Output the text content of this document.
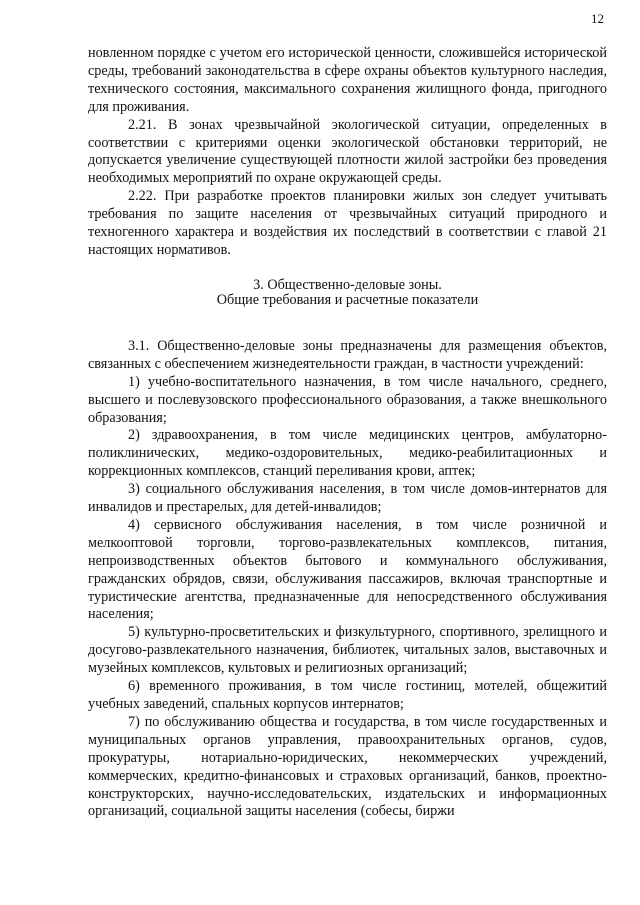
12

новленном порядке с учетом его исторической ценности, сложившейся исторической среды, требований законодательства в сфере охраны объектов культурного наследия, технического состояния, максимального сохранения жилищного фонда, пригодного для проживания.

2.21. В зонах чрезвычайной экологической ситуации, определенных в соответствии с критериями оценки экологической обстановки территорий, не допускается увеличение существующей плотности жилой застройки без проведения необходимых мероприятий по охране окружающей среды.

2.22. При разработке проектов планировки жилых зон следует учитывать требования по защите населения от чрезвычайных ситуаций природного и техногенного характера и воздействия их последствий в соответствии с главой 21 настоящих нормативов.

3. Общественно-деловые зоны.
Общие требования и расчетные показатели

3.1. Общественно-деловые зоны предназначены для размещения объектов, связанных с обеспечением жизнедеятельности граждан, в частности учреждений:

1) учебно-воспитательного назначения, в том числе начального, среднего, высшего и послевузовского профессионального образования, а также внешкольного образования;

2) здравоохранения, в том числе медицинских центров, амбулаторно-поликлинических, медико-оздоровительных, медико-реабилитационных и коррекционных комплексов, станций переливания крови, аптек;

3) социального обслуживания населения, в том числе домов-интернатов для инвалидов и престарелых, для детей-инвалидов;

4) сервисного обслуживания населения, в том числе розничной и мелкооптовой торговли, торгово-развлекательных комплексов, питания, непроизводственных объектов бытового и коммунального обслуживания, гражданских обрядов, связи, обслуживания пассажиров, включая транспортные и туристические агентства, предназначенные для непосредственного обслуживания населения;

5) культурно-просветительских и физкультурного, спортивного, зрелищного и досугово-развлекательного назначения, библиотек, читальных залов, выставочных и музейных комплексов, культовых и религиозных организаций;

6) временного проживания, в том числе гостиниц, мотелей, общежитий учебных заведений, спальных корпусов интернатов;

7) по обслуживанию общества и государства, в том числе государственных и муниципальных органов управления, правоохранительных органов, судов, прокуратуры, нотариально-юридических, некоммерческих учреждений, коммерческих, кредитно-финансовых и страховых организаций, банков, проектно-конструкторских, научно-исследовательских, издательских и информационных организаций, социальной защиты населения (собесы, биржи
